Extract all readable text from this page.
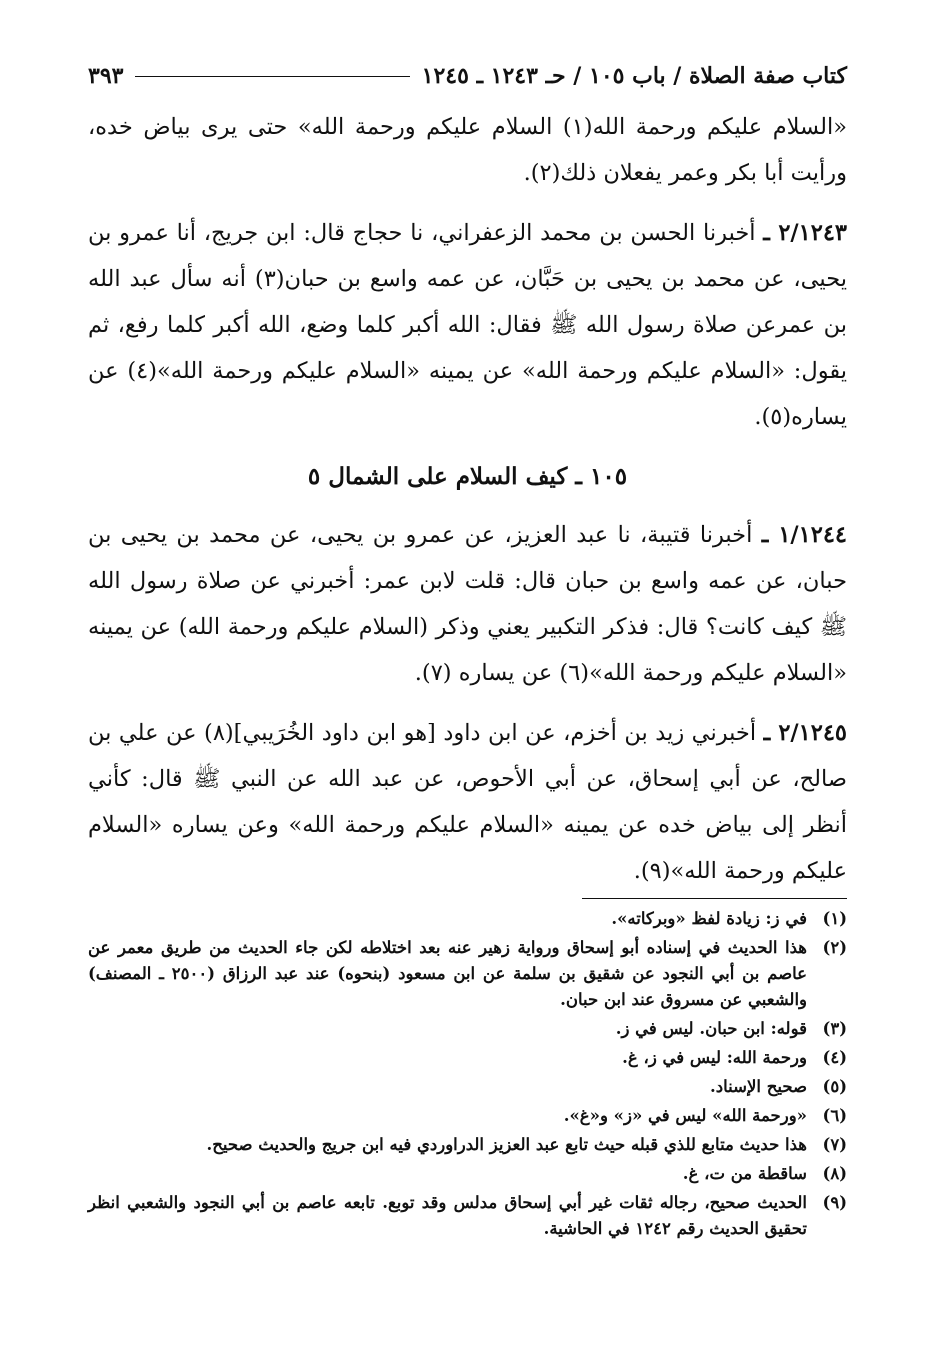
كتاب صفة الصلاة / باب ١٠٥ / حـ ١٢٤٣ ـ ١٢٤٥
٣٩٣

«السلام عليكم ورحمة الله(١) السلام عليكم ورحمة الله» حتى يرى بياض خده، ورأيت أبا بكر وعمر يفعلان ذلك(٢).

٢/١٢٤٣ ـ أخبرنا الحسن بن محمد الزعفراني، نا حجاج قال: ابن جريج، أنا عمرو بن يحيى، عن محمد بن يحيى بن حَبَّان، عن عمه واسع بن حبان(٣) أنه سأل عبد الله بن عمرعن صلاة رسول الله ﷺ فقال: الله أكبر كلما وضع، الله أكبر كلما رفع، ثم يقول: «السلام عليكم ورحمة الله» عن يمينه «السلام عليكم ورحمة الله»(٤) عن يساره(٥).

١٠٥ ـ كيف السلام على الشمال ٥

١/١٢٤٤ ـ أخبرنا قتيبة، نا عبد العزيز، عن عمرو بن يحيى، عن محمد بن يحيى بن حبان، عن عمه واسع بن حبان قال: قلت لابن عمر: أخبرني عن صلاة رسول الله ﷺ كيف كانت؟ قال: فذكر التكبير يعني وذكر (السلام عليكم ورحمة الله) عن يمينه «السلام عليكم ورحمة الله»(٦) عن يساره (٧).

٢/١٢٤٥ ـ أخبرني زيد بن أخزم، عن ابن داود [هو ابن داود الخُرَيبي](٨) عن علي بن صالح، عن أبي إسحاق، عن أبي الأحوص، عن عبد الله عن النبي ﷺ قال: كأني أنظر إلى بياض خده عن يمينه «السلام عليكم ورحمة الله» وعن يساره «السلام عليكم ورحمة الله»(٩).

(١)
في ز: زيادة لفظ «وبركاته».
(٢)
هذا الحديث في إسناده أبو إسحاق ورواية زهير عنه بعد اختلاطه لكن جاء الحديث من طريق معمر عن عاصم بن أبي النجود عن شقيق بن سلمة عن ابن مسعود (بنحوه) عند عبد الرزاق (٢٥٠٠ ـ المصنف) والشعبي عن مسروق عند ابن حبان.
(٣)
قوله: ابن حبان. ليس في ز.
(٤)
ورحمة الله: ليس في ز، غ.
(٥)
صحيح الإسناد.
(٦)
«ورحمة الله» ليس في «ز» و«غ».
(٧)
هذا حديث متابع للذي قبله حيث تابع عبد العزيز الدراوردي فيه ابن جريج والحديث صحيح.
(٨)
ساقطة من ت، غ.
(٩)
الحديث صحيح، رجاله ثقات غير أبي إسحاق مدلس وقد توبع. تابعه عاصم بن أبي النجود والشعبي انظر تحقيق الحديث رقم ١٢٤٢ في الحاشية.
